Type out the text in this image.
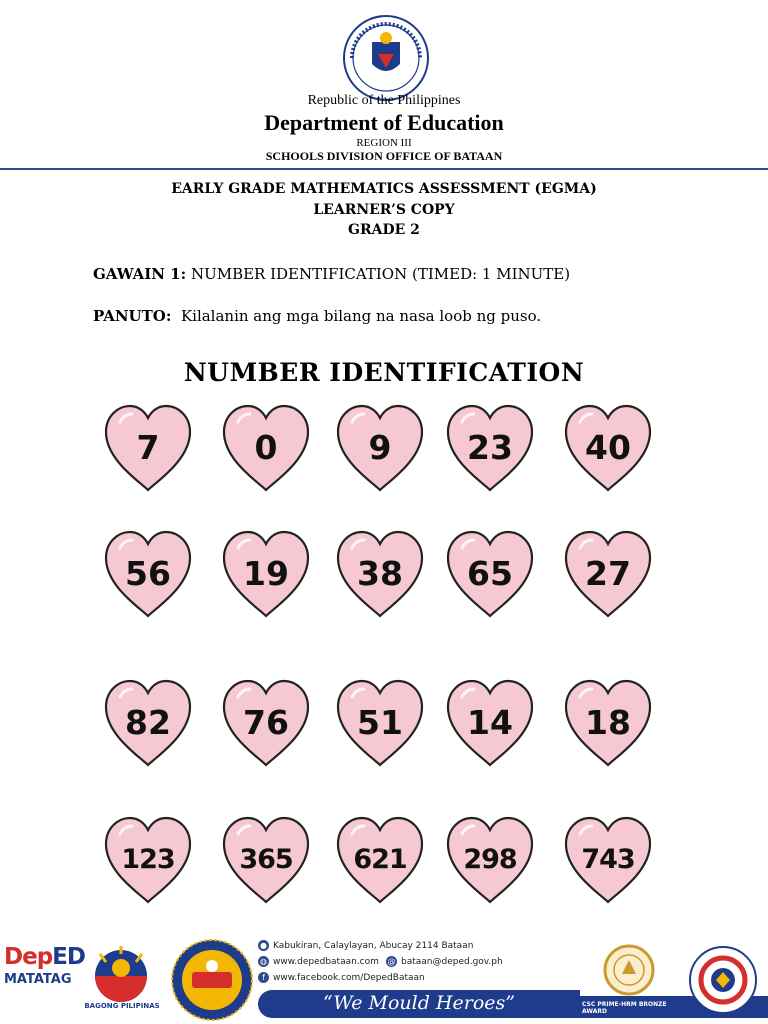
Republic of the Philippines
Department of Education
REGION III
SCHOOLS DIVISION OFFICE OF BATAAN
EARLY GRADE MATHEMATICS ASSESSMENT (EGMA)
LEARNER’S COPY
GRADE 2
GAWAIN 1: NUMBER IDENTIFICATION (TIMED: 1 MINUTE)
PANUTO: Kilalanin ang mga bilang na nasa loob ng puso.
NUMBER IDENTIFICATION
7	0	9	23	40
56	19	38	65	27
82	76	51	14	18
123	365	621	298	743
DepED
MATATAG
BAGONG PILIPINAS
● Kabukiran, Calaylayan, Abucay 2114 Bataan
◍ www.depedbataan.com @ bataan@deped.gov.ph
f www.facebook.com/DepedBataan
“We Mould Heroes”	CSC PRIME-HRM BRONZE AWARD
